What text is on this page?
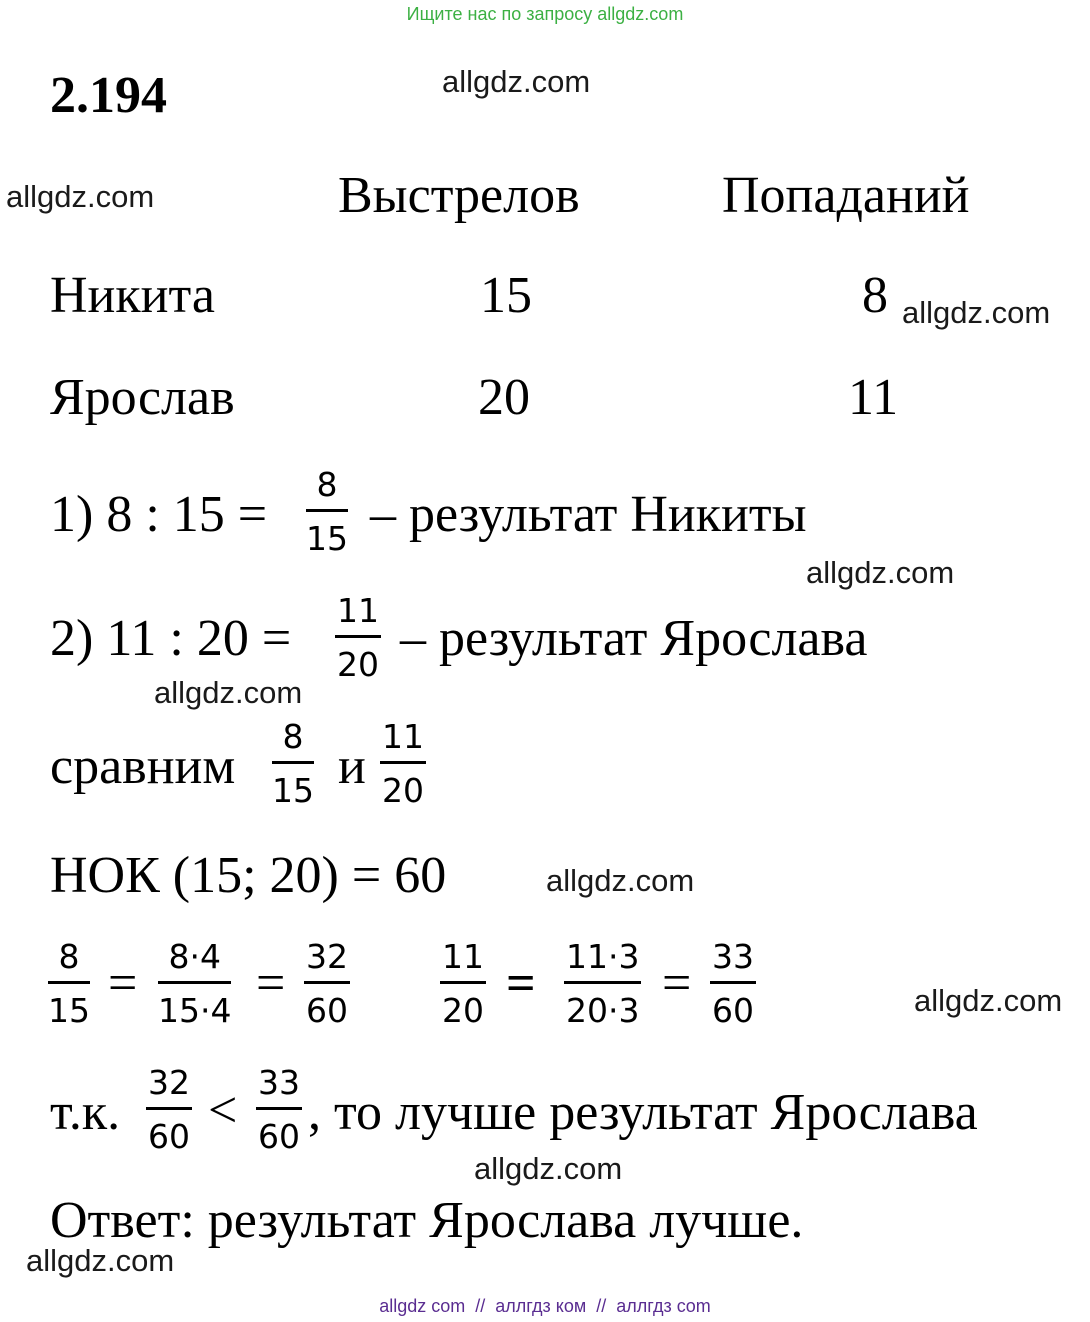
Ищите нас по запросу allgdz.com
2.194	allgdz.com
allgdz.com
allgdz.com
allgdz.com
allgdz.com
allgdz.com
allgdz.com
allgdz.com
allgdz.com
Выстрелов	Попаданий
Никита	15	8
Ярослав	20	11
1) 8 : 15 =
8
15 – результат Никиты
2) 11 : 20 = 11
20 – результат Ярослава
сравним
8
15 и
11
20
НОК (15; 20) = 60
8
15 = 8·4
15·4 = 32
60
11
20 = 11·3
20·3 = 33
60
т.к.
32
60 < 33
60 , то лучше результат Ярослава
Ответ: результат Ярослава лучше.
allgdz com  //  аллгдз ком  //  аллгдз com
